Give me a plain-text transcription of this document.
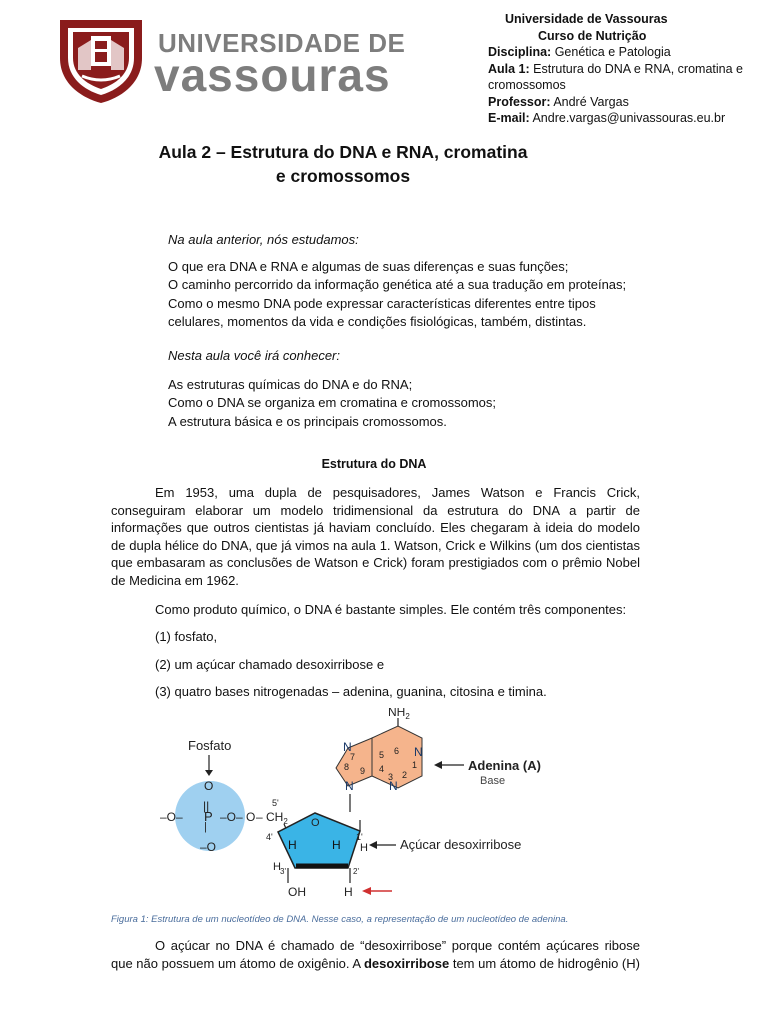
UNIVERSIDADE DE
vassouras
Universidade de Vassouras
Curso de Nutrição
Disciplina: Genética e Patologia
Aula 1: Estrutura do DNA e RNA, cromatina e cromossomos
Professor: André Vargas
E-mail: Andre.vargas@univassouras.eu.br
Aula 2 – Estrutura do DNA e RNA, cromatina
e cromossomos
Na aula anterior, nós estudamos:
O que era DNA e RNA e algumas de suas diferenças e suas funções;
O caminho percorrido da informação genética até a sua tradução em proteínas;
Como o mesmo DNA pode expressar características diferentes entre tipos celulares, momentos da vida e condições fisiológicas, também, distintas.
Nesta aula você irá conhecer:
As estruturas químicas do DNA e do RNA;
Como o DNA se organiza em cromatina e cromossomos;
A estrutura básica e os principais cromossomos.
Estrutura do DNA
Em 1953, uma dupla de pesquisadores, James Watson e Francis Crick, conseguiram elaborar um modelo tridimensional da estrutura do DNA a partir de informações que outros cientistas já haviam concluído. Eles chegaram à ideia do modelo de dupla hélice do DNA, que já vimos na aula 1. Watson, Crick e Wilkins (um dos cientistas que embasaram as conclusões de Watson e Crick) foram prestigiados com o prêmio Nobel de Medicina em 1962.
Como produto químico, o DNA é bastante simples. Ele contém três componentes:
(1) fosfato,
(2) um açúcar chamado desoxirribose e
(3) quatro bases nitrogenadas – adenina, guanina, citosina e timina.
Fosfato
O
||
–O– P –O–
|
–O
O –
5'
$CH_2$ O
H	H
4'	1'
H 3'	2'
H
OH	H
Açúcar desoxirribose
$NH_2$
N	N
N
N
6
5
4	1
2
3
7
8 9	Adenina (A)
Base
Figura 1: Estrutura de um nucleotídeo de DNA. Nesse caso, a representação de um nucleotídeo de adenina.
O açúcar no DNA é chamado de “desoxirribose” porque contém açúcares ribose que não possuem um átomo de oxigênio. A desoxirribose tem um átomo de hidrogênio (H)
